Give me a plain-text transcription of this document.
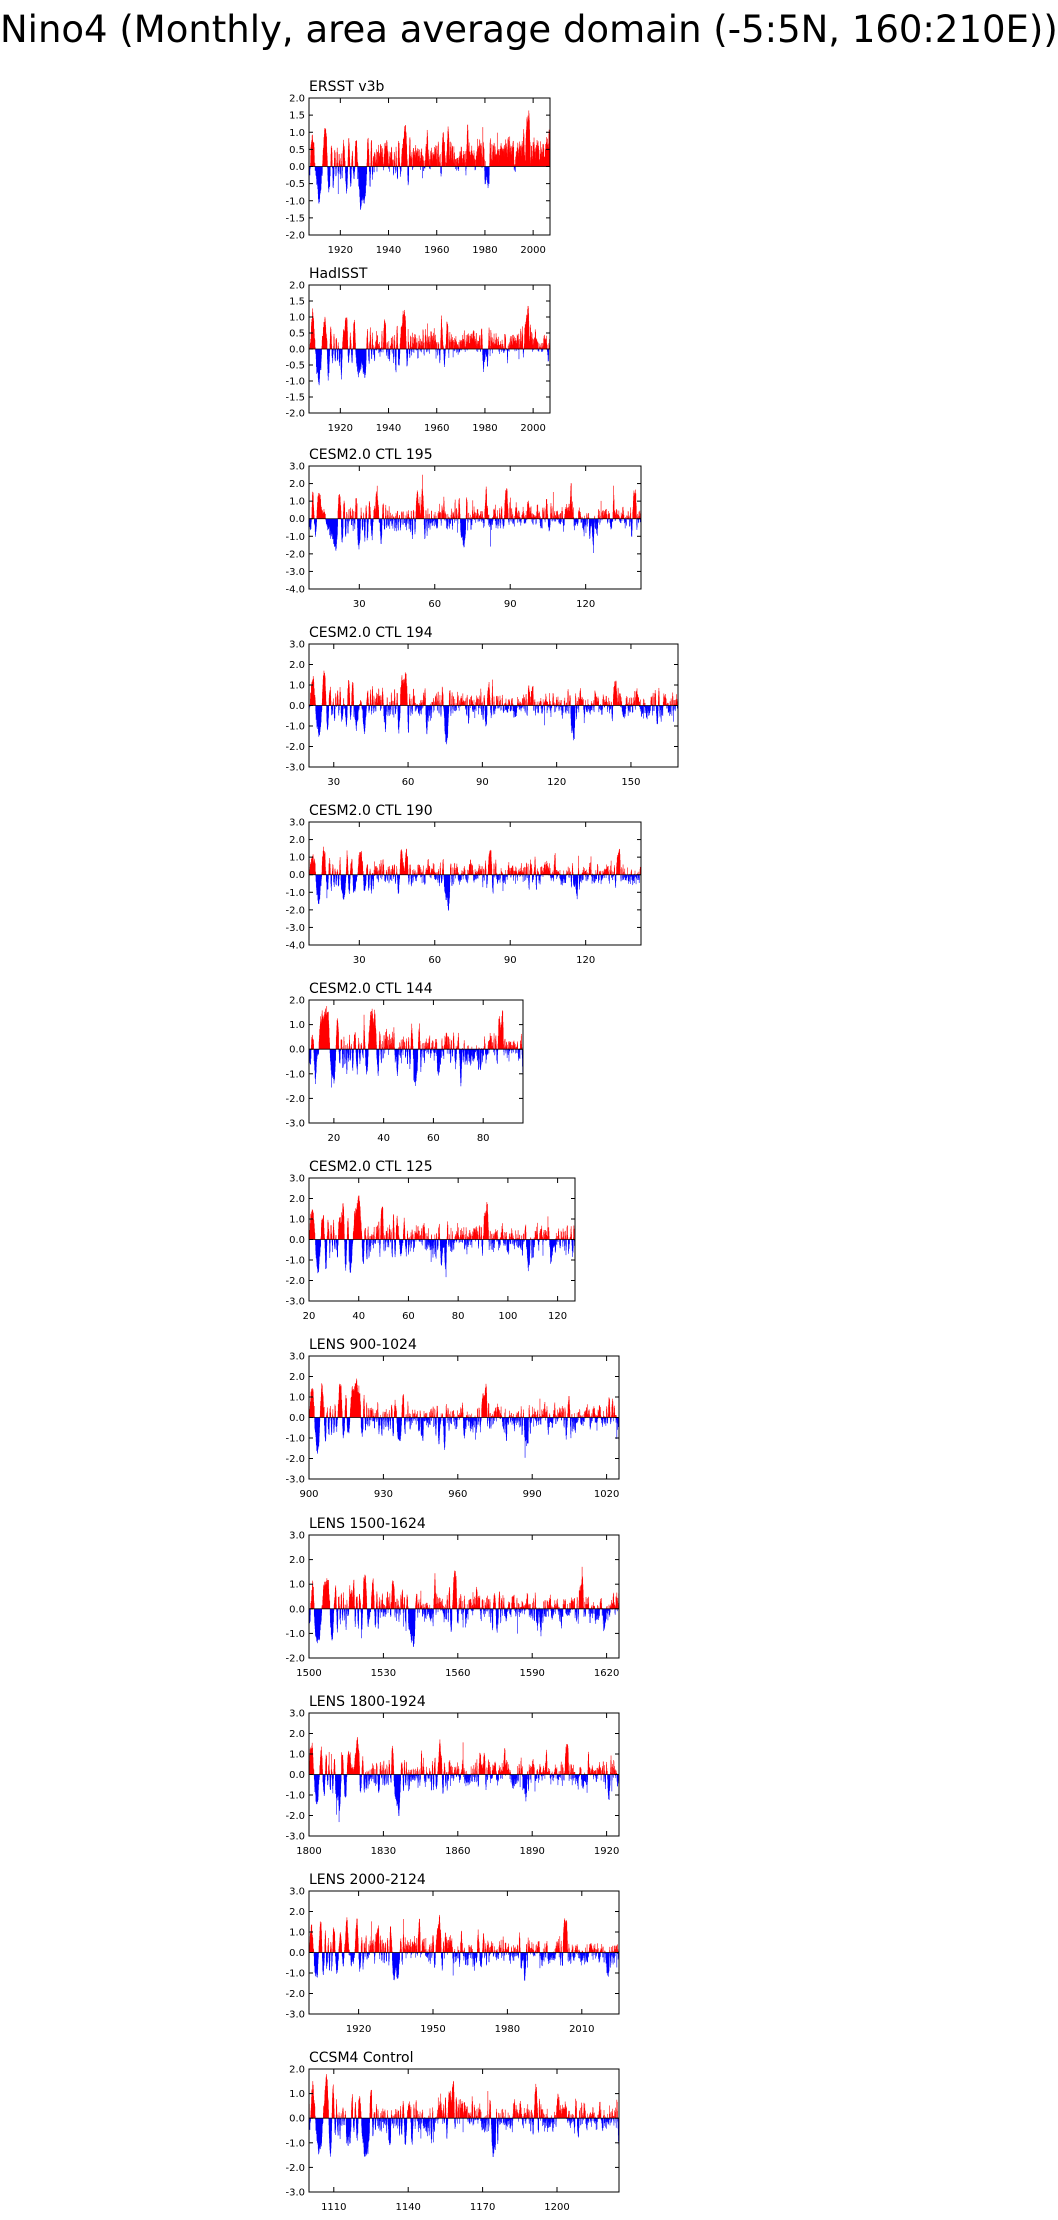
Nino4 (Monthly, area average domain (-5:5N, 160:210E))
ERSST v3b
-2.0
-1.5
-1.0
-0.5
0.0
0.5
1.0
1.5
2.0
1920 1940 1960 1980 2000
HadISST
-2.0
-1.5
-1.0
-0.5
0.0
0.5
1.0
1.5
2.0
1920 1940 1960 1980 2000
CESM2.0 CTL 195
-4.0
-3.0
-2.0
-1.0
0.0
1.0
2.0
3.0
30	60	90	120
CESM2.0 CTL 194
-3.0
-2.0
-1.0
0.0
1.0
2.0
3.0
30	60	90	120	150
CESM2.0 CTL 190
-4.0
-3.0
-2.0
-1.0
0.0
1.0
2.0
3.0
30	60	90	120
CESM2.0 CTL 144
-3.0
-2.0
-1.0
0.0
1.0
2.0
20	40	60	80
CESM2.0 CTL 125
-3.0
-2.0
-1.0
0.0
1.0
2.0
3.0
20	40	60	80	100	120
LENS 900-1024
-3.0
-2.0
-1.0
0.0
1.0
2.0
3.0
900	930	960	990	1020
LENS 1500-1624
-2.0
-1.0
0.0
1.0
2.0
3.0
1500	1530	1560	1590	1620
LENS 1800-1924
-3.0
-2.0
-1.0
0.0
1.0
2.0
3.0
1800	1830	1860	1890	1920
LENS 2000-2124
-3.0
-2.0
-1.0
0.0
1.0
2.0
3.0
1920	1950	1980	2010
CCSM4 Control
-3.0
-2.0
-1.0
0.0
1.0
2.0
1110	1140	1170	1200
